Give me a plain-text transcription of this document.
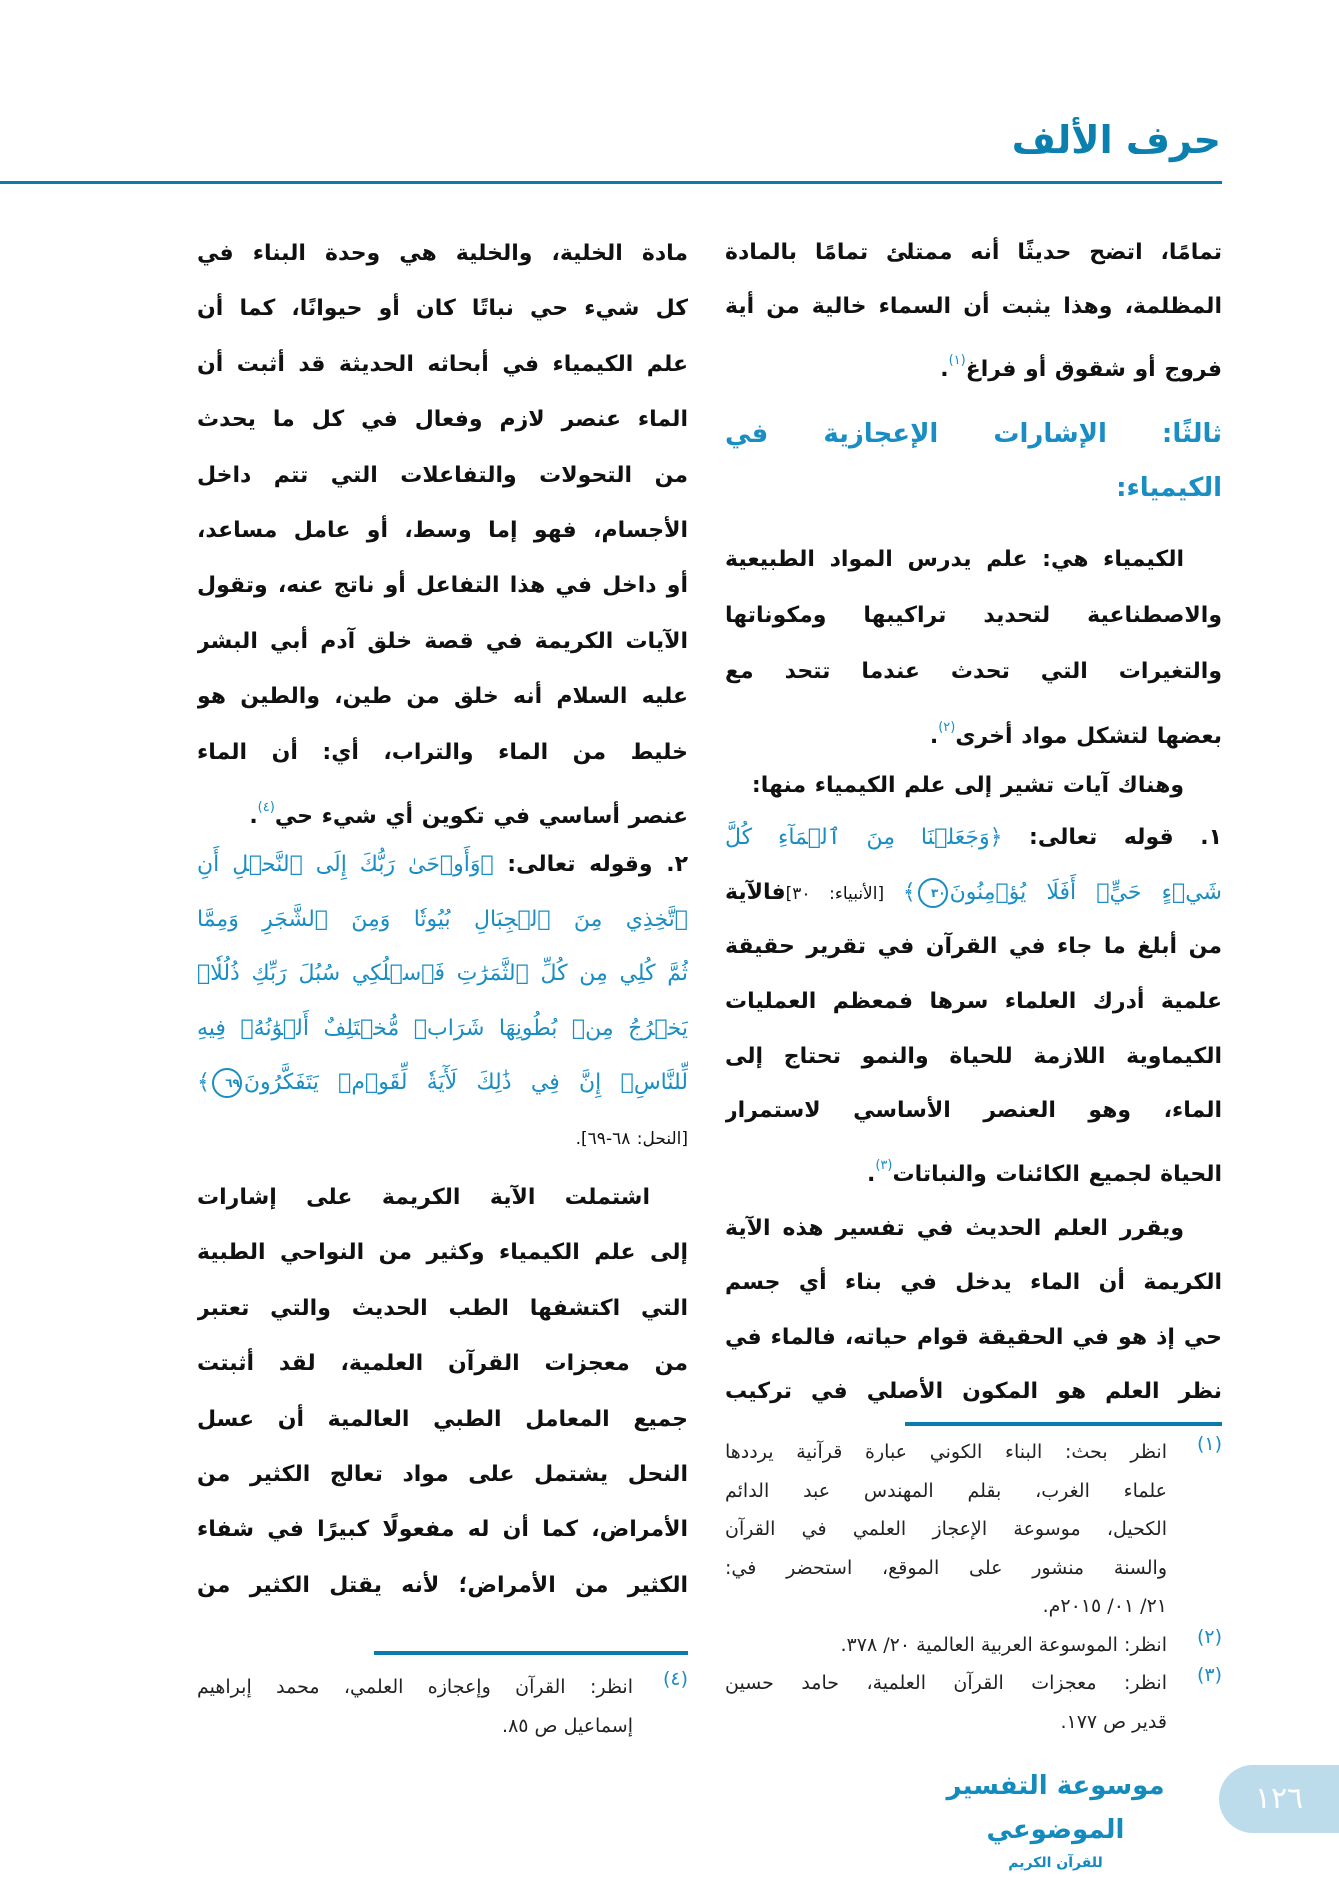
حرف الألف
تمامًا، اتضح حديثًا أنه ممتلئ تمامًا بالمادة
المظلمة، وهذا يثبت أن السماء خالية من أية
فروج أو شقوق أو فراغ$^{(١)}$.
ثالثًا: الإشارات الإعجازية في
الكيمياء:
الكيمياء هي: علم يدرس المواد الطبيعية
والاصطناعية لتحديد تراكيبها ومكوناتها
والتغيرات التي تحدث عندما تتحد مع
بعضها لتشكل مواد أخرى$^{(٢)}$.
وهناك آيات تشير إلى علم الكيمياء منها:
١. قوله تعالى: ﴿وَجَعَلۡنَا مِنَ ٱلۡمَآءِ كُلَّ
شَيۡءٍ حَيٍّۚ أَفَلَا يُؤۡمِنُونَ٣٠﴾ [الأنبياء: ٣٠]فالآية
من أبلغ ما جاء في القرآن في تقرير حقيقة
علمية أدرك العلماء سرها فمعظم العمليات
الكيماوية اللازمة للحياة والنمو تحتاج إلى
الماء، وهو العنصر الأساسي لاستمرار
الحياة لجميع الكائنات والنباتات$^{(٣)}$.
ويقرر العلم الحديث في تفسير هذه الآية
الكريمة أن الماء يدخل في بناء أي جسم
حي إذ هو في الحقيقة قوام حياته، فالماء في
نظر العلم هو المكون الأصلي في تركيب
(١)
انظر بحث: البناء الكوني عبارة قرآنية يرددها
علماء الغرب، بقلم المهندس عبد الدائم
الكحيل، موسوعة الإعجاز العلمي في القرآن
والسنة منشور على الموقع، استحضر في:
٢١/ ٠١/ ٢٠١٥م.
(٢)
انظر: الموسوعة العربية العالمية ٢٠/ ٣٧٨.
(٣)
انظر: معجزات القرآن العلمية، حامد حسين
قدير ص ١٧٧.
مادة الخلية، والخلية هي وحدة البناء في
كل شيء حي نباتًا كان أو حيوانًا، كما أن
علم الكيمياء في أبحاثه الحديثة قد أثبت أن
الماء عنصر لازم وفعال في كل ما يحدث
من التحولات والتفاعلات التي تتم داخل
الأجسام، فهو إما وسط، أو عامل مساعد،
أو داخل في هذا التفاعل أو ناتج عنه، وتقول
الآيات الكريمة في قصة خلق آدم أبي البشر
عليه السلام أنه خلق من طين، والطين هو
خليط من الماء والتراب، أي: أن الماء
عنصر أساسي في تكوين أي شيء حي$^{(٤)}$.
٢. وقوله تعالى: ﴿وَأَوۡحَىٰ رَبُّكَ إِلَى ٱلنَّحۡلِ أَنِ
ٱتَّخِذِي مِنَ ٱلۡجِبَالِ بُيُوتٗا وَمِنَ ٱلشَّجَرِ وَمِمَّا
ثُمَّ كُلِي مِن كُلِّ ٱلثَّمَرَٰتِ فَٱسۡلُكِي سُبُلَ رَبِّكِ ذُلُلٗاۚ
يَخۡرُجُ مِنۢ بُطُونِهَا شَرَابٞ مُّخۡتَلِفٌ أَلۡوَٰنُهُۥ فِيهِ
لِّلنَّاسِۚ إِنَّ فِي ذَٰلِكَ لَأٓيَةٗ لِّقَوۡمٖ يَتَفَكَّرُونَ٦٩﴾
[النحل: ٦٨-٦٩].
اشتملت الآية الكريمة على إشارات
إلى علم الكيمياء وكثير من النواحي الطبية
التي اكتشفها الطب الحديث والتي تعتبر
من معجزات القرآن العلمية، لقد أثبتت
جميع المعامل الطبي العالمية أن عسل
النحل يشتمل على مواد تعالج الكثير من
الأمراض، كما أن له مفعولًا كبيرًا في شفاء
الكثير من الأمراض؛ لأنه يقتل الكثير من
(٤)
انظر: القرآن وإعجازه العلمي، محمد إبراهيم
إسماعيل ص ٨٥.
موسوعة التفسير الموضوعي
للقرآن الكريم
١٢٦
